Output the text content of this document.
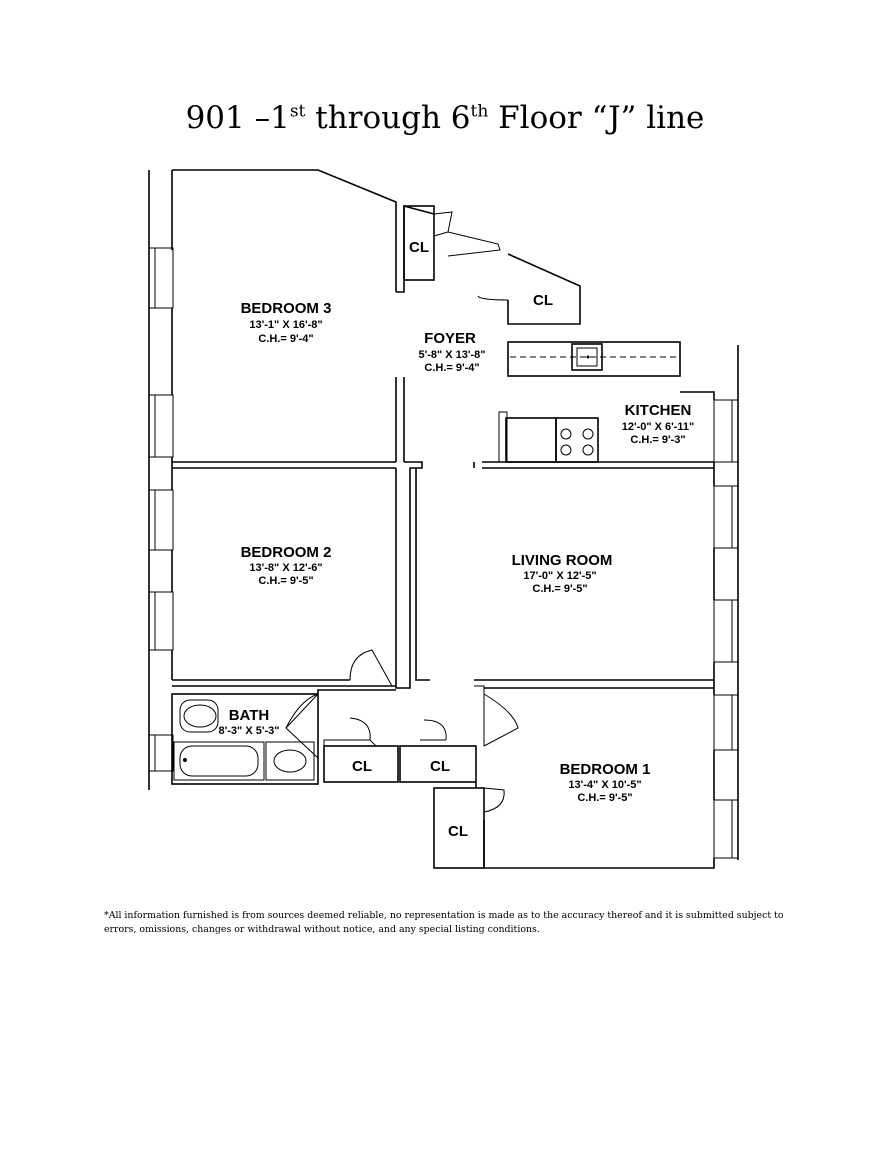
901 –1st through 6th Floor “J” line
BEDROOM 3
13'-1" X 16'-8"
C.H.= 9'-4"	FOYER
5'-8" X 13'-8"
C.H.= 9'-4"
KITCHEN
12'-0" X 6'-11"
C.H.= 9'-3"
BEDROOM 2
13'-8" X 12'-6"
C.H.= 9'-5"
LIVING ROOM
17'-0" X 12'-5"
C.H.= 9'-5"
BATH
8'-3" X 5'-3"
BEDROOM 1
13'-4" X 10'-5"
C.H.= 9'-5"
CL
CL
CL	CL
CL
*All information furnished is from sources deemed reliable, no representation is made as to the accuracy thereof and it is submitted subject to errors, omissions, changes or withdrawal without notice, and any special listing conditions.
